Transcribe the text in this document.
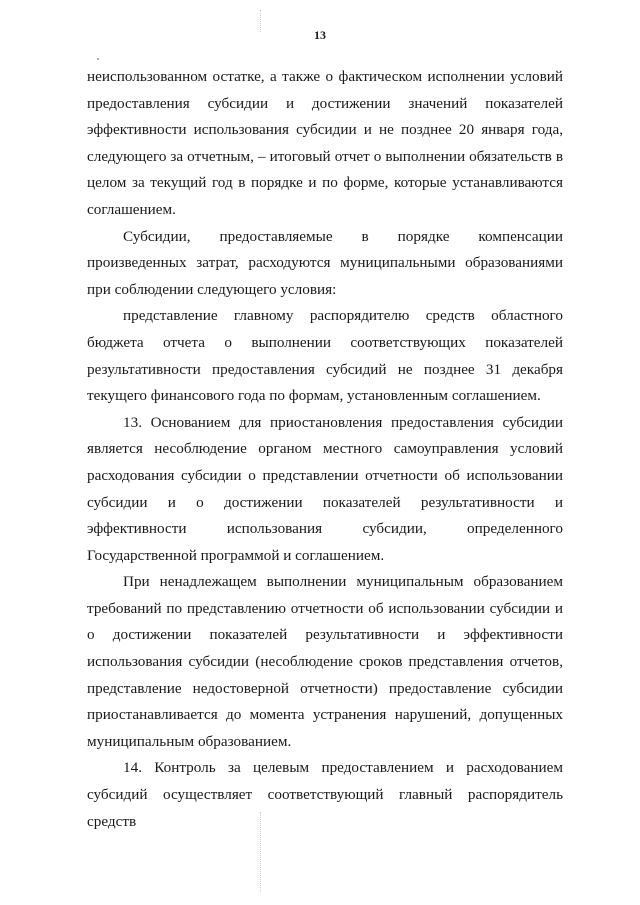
13

неиспользованном остатке, а также о фактическом исполнении условий предоставления субсидии и достижении значений показателей эффективности использования субсидии и не позднее 20 января года, следующего за отчетным, – итоговый отчет о выполнении обязательств в целом за текущий год в порядке и по форме, которые устанавливаются соглашением.

Субсидии, предоставляемые в порядке компенсации произведенных затрат, расходуются муниципальными образованиями при соблюдении следующего условия:

представление главному распорядителю средств областного бюджета отчета о выполнении соответствующих показателей результативности предоставления субсидий не позднее 31 декабря текущего финансового года по формам, установленным соглашением.

13. Основанием для приостановления предоставления субсидии является несоблюдение органом местного самоуправления условий расходования субсидии о представлении отчетности об использовании субсидии и о достижении показателей результативности и эффективности использования субсидии, определенного Государственной программой и соглашением.

При ненадлежащем выполнении муниципальным образованием требований по представлению отчетности об использовании субсидии и о достижении показателей результативности и эффективности использования субсидии (несоблюдение сроков представления отчетов, представление недостоверной отчетности) предоставление субсидии приостанавливается до момента устранения нарушений, допущенных муниципальным образованием.

14. Контроль за целевым предоставлением и расходованием субсидий осуществляет соответствующий главный распорядитель средств
